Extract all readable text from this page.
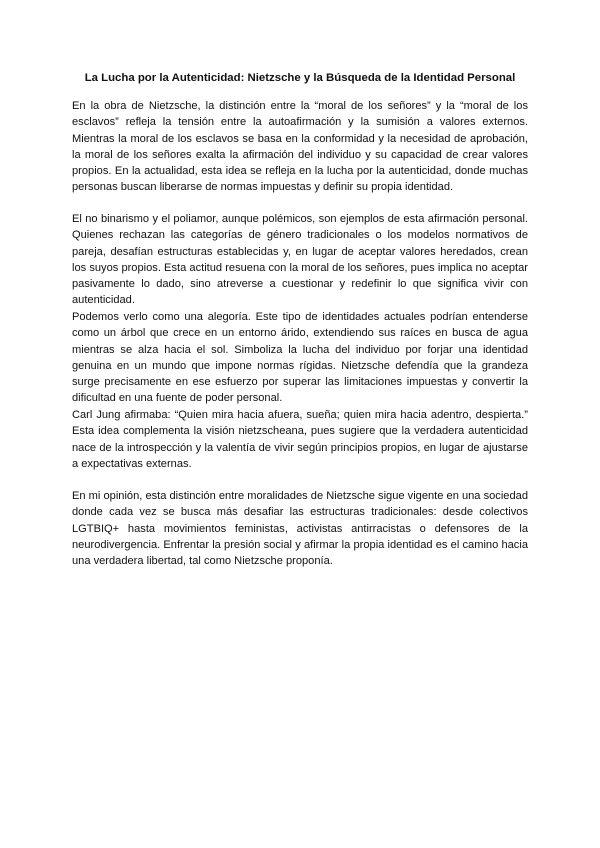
La Lucha por la Autenticidad: Nietzsche y la Búsqueda de la Identidad Personal

En la obra de Nietzsche, la distinción entre la “moral de los señores” y la “moral de los esclavos” refleja la tensión entre la autoafirmación y la sumisión a valores externos. Mientras la moral de los esclavos se basa en la conformidad y la necesidad de aprobación, la moral de los señores exalta la afirmación del individuo y su capacidad de crear valores propios. En la actualidad, esta idea se refleja en la lucha por la autenticidad, donde muchas personas buscan liberarse de normas impuestas y definir su propia identidad.

El no binarismo y el poliamor, aunque polémicos, son ejemplos de esta afirmación personal. Quienes rechazan las categorías de género tradicionales o los modelos normativos de pareja, desafían estructuras establecidas y, en lugar de aceptar valores heredados, crean los suyos propios. Esta actitud resuena con la moral de los señores, pues implica no aceptar pasivamente lo dado, sino atreverse a cuestionar y redefinir lo que significa vivir con autenticidad.

Podemos verlo como una alegoría. Este tipo de identidades actuales podrían entenderse como un árbol que crece en un entorno árido, extendiendo sus raíces en busca de agua mientras se alza hacia el sol. Simboliza la lucha del individuo por forjar una identidad genuina en un mundo que impone normas rígidas. Nietzsche defendía que la grandeza surge precisamente en ese esfuerzo por superar las limitaciones impuestas y convertir la dificultad en una fuente de poder personal.

Carl Jung afirmaba: “Quien mira hacia afuera, sueña; quien mira hacia adentro, despierta.” Esta idea complementa la visión nietzscheana, pues sugiere que la verdadera autenticidad nace de la introspección y la valentía de vivir según principios propios, en lugar de ajustarse a expectativas externas.

En mi opinión, esta distinción entre moralidades de Nietzsche sigue vigente en una sociedad donde cada vez se busca más desafiar las estructuras tradicionales: desde colectivos LGTBIQ+ hasta movimientos feministas, activistas antirracistas o defensores de la neurodivergencia. Enfrentar la presión social y afirmar la propia identidad es el camino hacia una verdadera libertad, tal como Nietzsche proponía.
